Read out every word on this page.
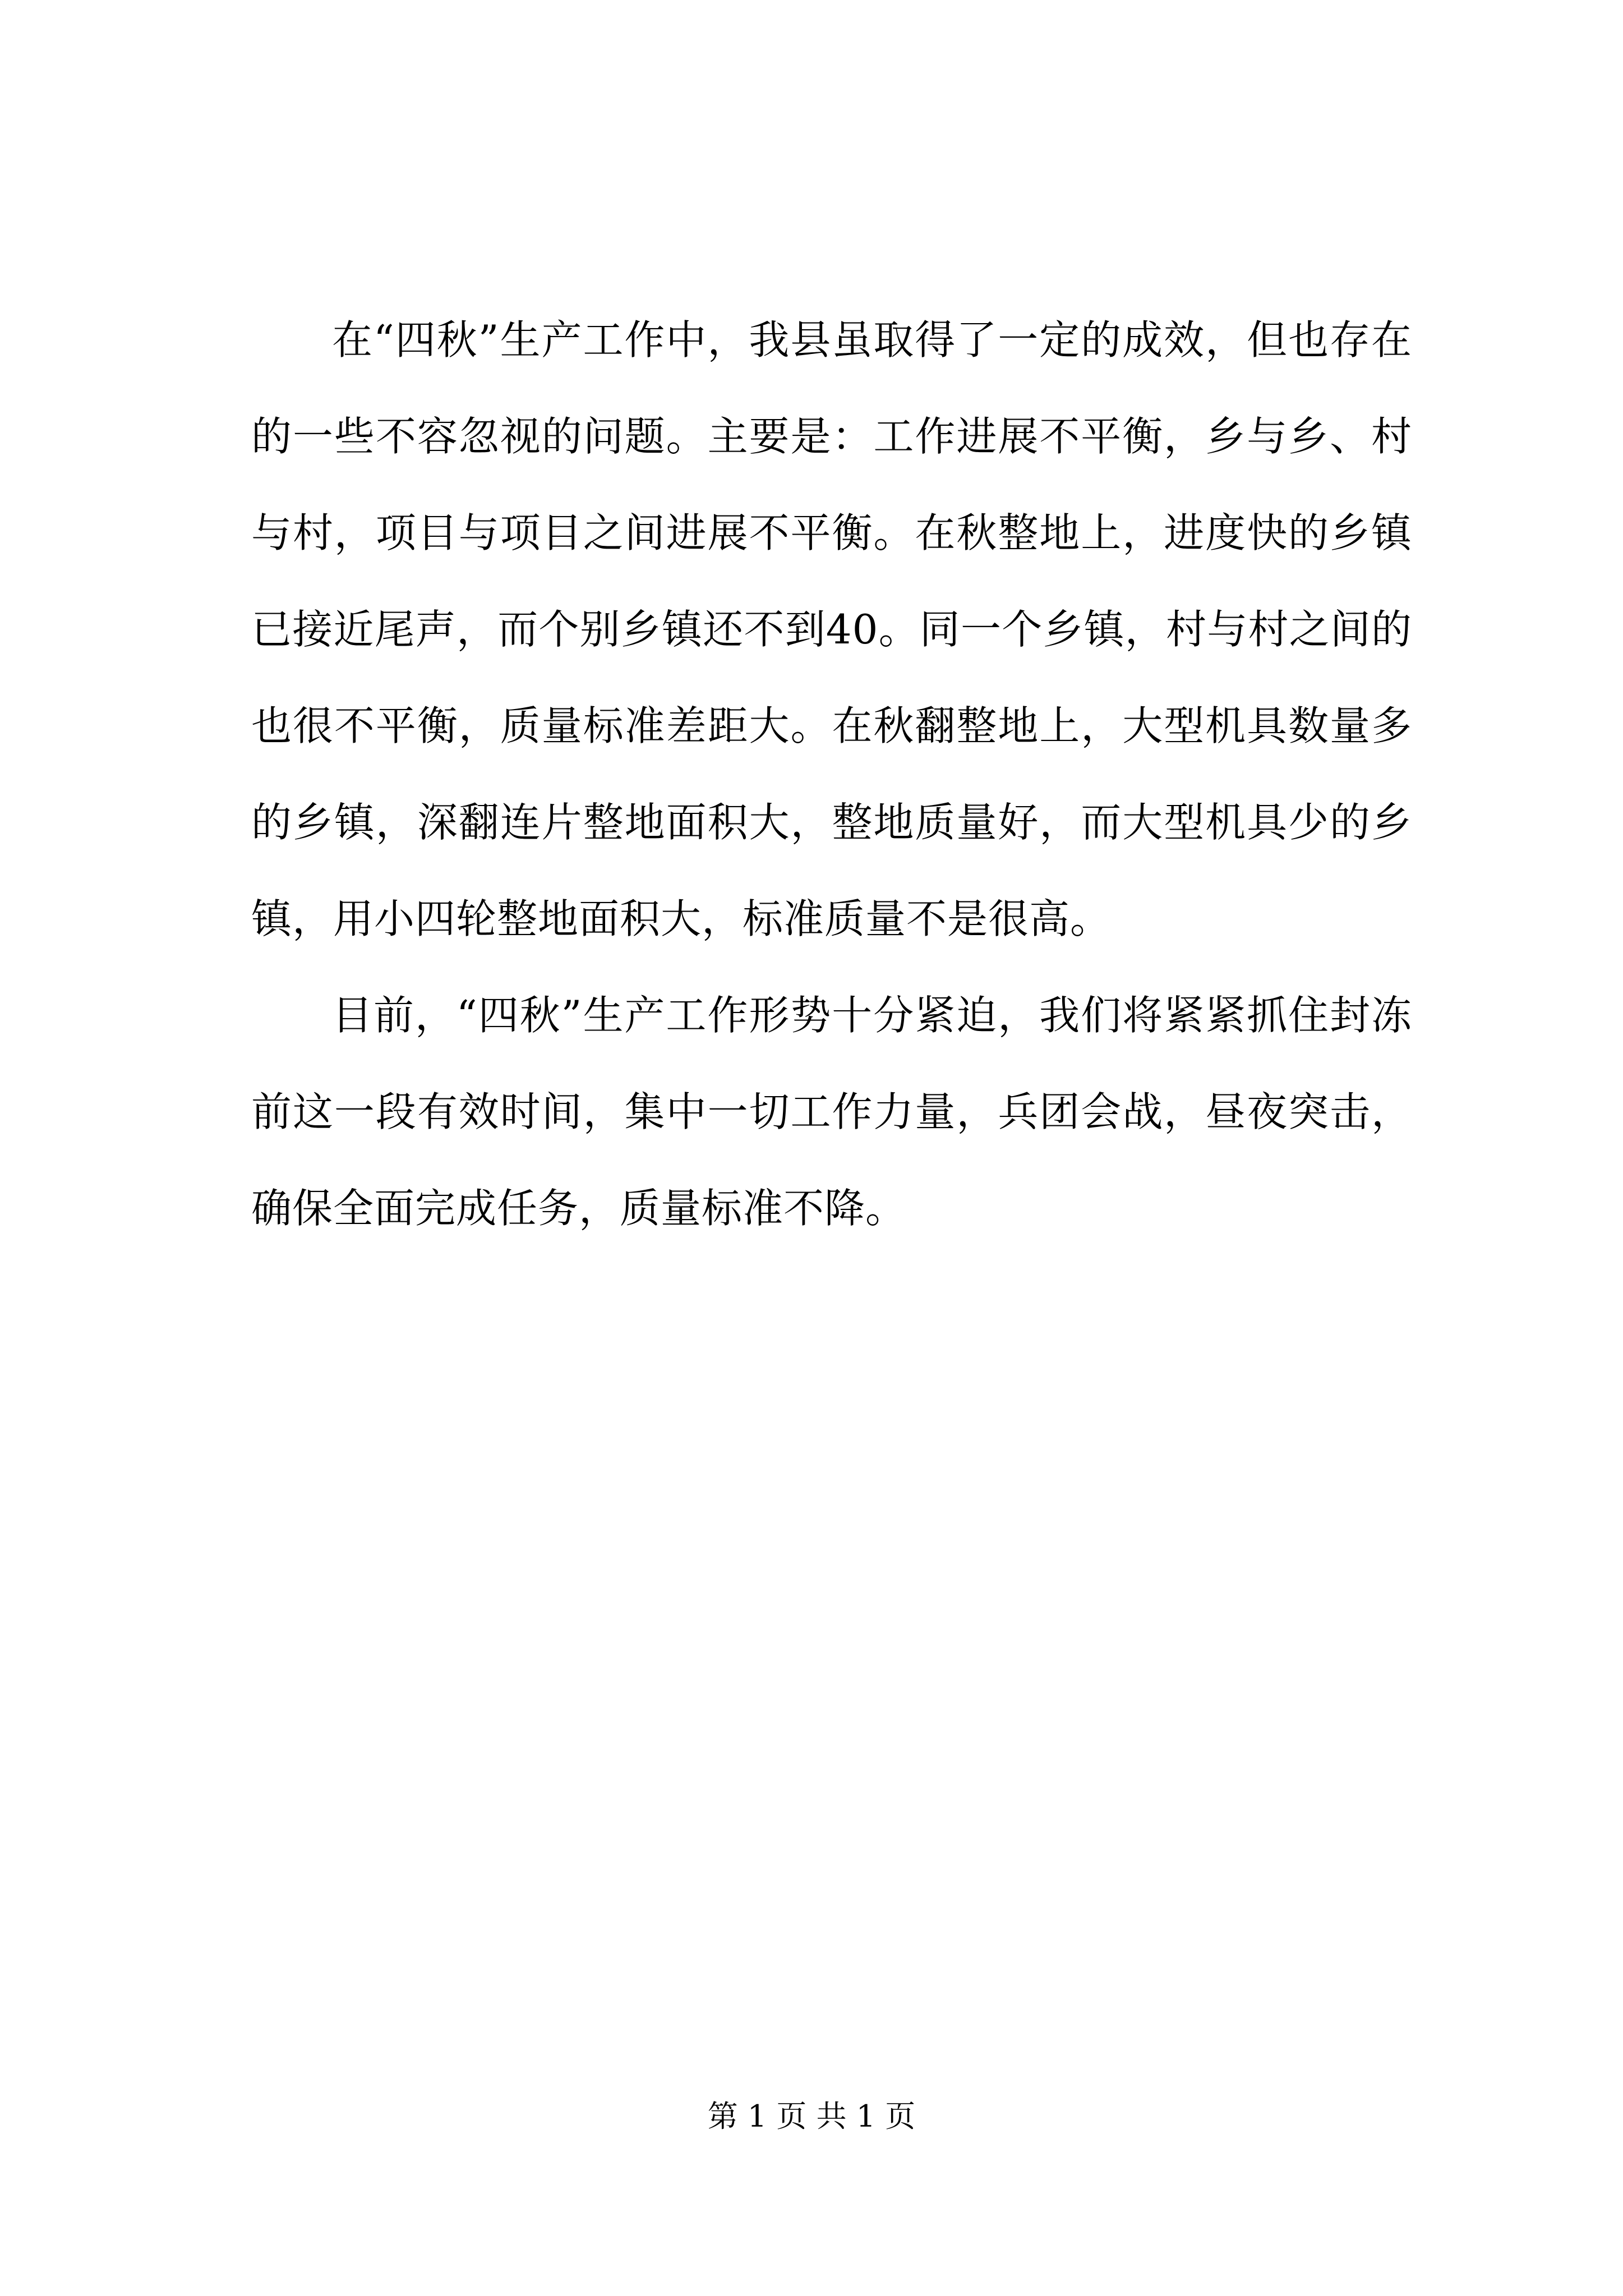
在“四秋”生产工作中，我县虽取得了一定的成效，但也存在的一些不容忽视的问题。主要是：工作进展不平衡，乡与乡、村与村，项目与项目之间进展不平衡。在秋整地上，进度快的乡镇已接近尾声，而个别乡镇还不到40。同一个乡镇，村与村之间的也很不平衡，质量标准差距大。在秋翻整地上，大型机具数量多的乡镇，深翻连片整地面积大，整地质量好，而大型机具少的乡镇，用小四轮整地面积大，标准质量不是很高。

目前，“四秋”生产工作形势十分紧迫，我们将紧紧抓住封冻前这一段有效时间，集中一切工作力量，兵团会战，昼夜突击，确保全面完成任务，质量标准不降。

第 1 页 共 1 页
